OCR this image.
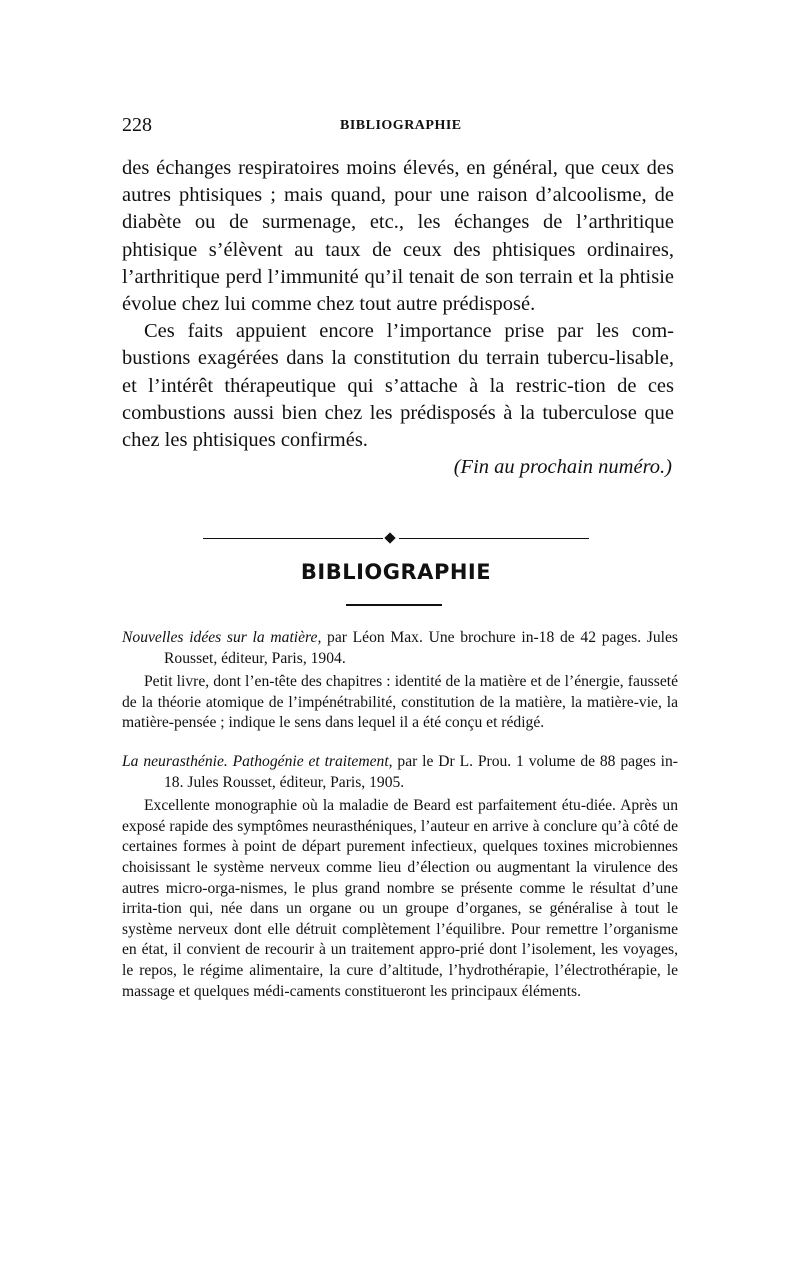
228	BIBLIOGRAPHIE

des échanges respiratoires moins élevés, en général, que ceux des autres phtisiques ; mais quand, pour une raison d’alcoolisme, de diabète ou de surmenage, etc., les échanges de l’arthritique phtisique s’élèvent au taux de ceux des phtisiques ordinaires, l’arthritique perd l’immunité qu’il tenait de son terrain et la phtisie évolue chez lui comme chez tout autre prédisposé.

Ces faits appuient encore l’importance prise par les com-bustions exagérées dans la constitution du terrain tubercu-lisable, et l’intérêt thérapeutique qui s’attache à la restric-tion de ces combustions aussi bien chez les prédisposés à la tuberculose que chez les phtisiques confirmés.

(Fin au prochain numéro.)

BIBLIOGRAPHIE

Nouvelles idées sur la matière, par Léon Max. Une brochure in-18 de 42 pages. Jules Rousset, éditeur, Paris, 1904.

Petit livre, dont l’en-tête des chapitres : identité de la matière et de l’énergie, fausseté de la théorie atomique de l’impénétrabilité, constitution de la matière, la matière-vie, la matière-pensée ; indique le sens dans lequel il a été conçu et rédigé.

La neurasthénie. Pathogénie et traitement, par le Dr L. Prou. 1 volume de 88 pages in-18. Jules Rousset, éditeur, Paris, 1905.

Excellente monographie où la maladie de Beard est parfaitement étu-diée. Après un exposé rapide des symptômes neurasthéniques, l’auteur en arrive à conclure qu’à côté de certaines formes à point de départ purement infectieux, quelques toxines microbiennes choisissant le système nerveux comme lieu d’élection ou augmentant la virulence des autres micro-orga-nismes, le plus grand nombre se présente comme le résultat d’une irrita-tion qui, née dans un organe ou un groupe d’organes, se généralise à tout le système nerveux dont elle détruit complètement l’équilibre. Pour remettre l’organisme en état, il convient de recourir à un traitement appro-prié dont l’isolement, les voyages, le repos, le régime alimentaire, la cure d’altitude, l’hydrothérapie, l’électrothérapie, le massage et quelques médi-caments constitueront les principaux éléments.
